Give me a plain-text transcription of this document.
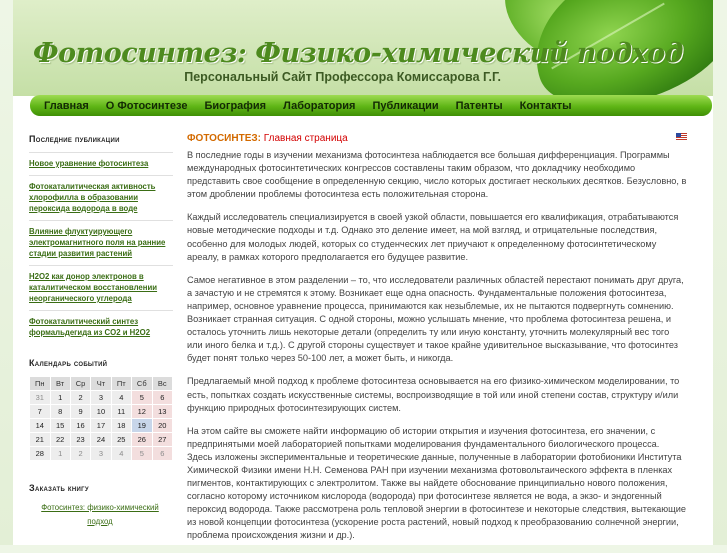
Фотосинтез: Физико-химический подход
Персональный Сайт Профессора Комиссарова Г.Г.
Главная О Фотосинтезе Биография Лаборатория Публикации Патенты Контакты
Последние публикации
Новое уравнение фотосинтеза
Фотокаталитическая активность хлорофилла в образовании пероксида водорода в воде
Влияние флуктуирующего электромагнитного поля на ранние стадии развития растений
H2O2 как донор электронов в каталитическом восстановлении неорганического углерода
Фотокаталитический синтез формальдегида из CO2 и H2O2
Календарь событий
Пн	Вт	Ср	Чт	Пт	Сб	Вс
31	1	2	3	4	5	6
7	8	9	10	11	12	13
14	15	16	17	18	19	20
21	22	23	24	25	26	27
28	1	2	3	4	5	6
Заказать книгу
Фотосинтез: физико-химический подход
ФОТОСИНТЕЗ: Главная страница

В последние годы в изучении механизма фотосинтеза наблюдается все большая дифференциация. Программы международных фотосинтетических конгрессов составлены таким образом, что докладчику необходимо представить свое сообщение в определенную секцию, число которых достигает нескольких десятков. Безусловно, в этом дроблении проблемы фотосинтеза есть положительная сторона.

Каждый исследователь специализируется в своей узкой области, повышается его квалификация, отрабатываются новые методические подходы и т.д. Однако это деление имеет, на мой взгляд, и отрицательные последствия, особенно для молодых людей, которых со студенческих лет приучают к определенному фотосинтетическому ареалу, в рамках которого предполагается его будущее развитие.

Самое негативное в этом разделении – то, что исследователи различных областей перестают понимать друг друга, а зачастую и не стремятся к этому. Возникает еще одна опасность. Фундаментальные положения фотосинтеза, например, основное уравнение процесса, принимаются как незыблемые, их не пытаются подвергнуть сомнению. Возникает странная ситуация. С одной стороны, можно услышать мнение, что проблема фотосинтеза решена, и осталось уточнить лишь некоторые детали (определить ту или иную константу, уточнить молекулярный вес того или иного белка и т.д.). С другой стороны существует и такое крайне удивительное высказывание, что фотосинтез будет понят только через 50-100 лет, а может быть, и никогда.

Предлагаемый мной подход к проблеме фотосинтеза основывается на его физико-химическом моделировании, то есть, попытках создать искусственные системы, воспроизводящие в той или иной степени состав, структуру и/или функцию природных фотосинтезирующих систем.

На этом сайте вы сможете найти информацию об истории открытия и изучения фотосинтеза, его значении, с предпринятыми моей лабораторией попытками моделирования фундаментального биологического процесса. Здесь изложены экспериментальные и теоретические данные, полученные в лаборатории фотобионики Института Химической Физики имени Н.Н. Семенова РАН при изучении механизма фотовольтаического эффекта в пленках пигментов, контактирующих с электролитом. Также вы найдете обоснование принципиально нового положения, согласно которому источником кислорода (водорода) при фотосинтезе является не вода, а экзо- и эндогенный пероксид водорода. Также рассмотрена роль тепловой энергии в фотосинтезе и некоторые следствия, вытекающие из новой концепции фотосинтеза (ускорение роста растений, новый подход к преобразованию солнечной энергии, проблема происхождения жизни и др.).
